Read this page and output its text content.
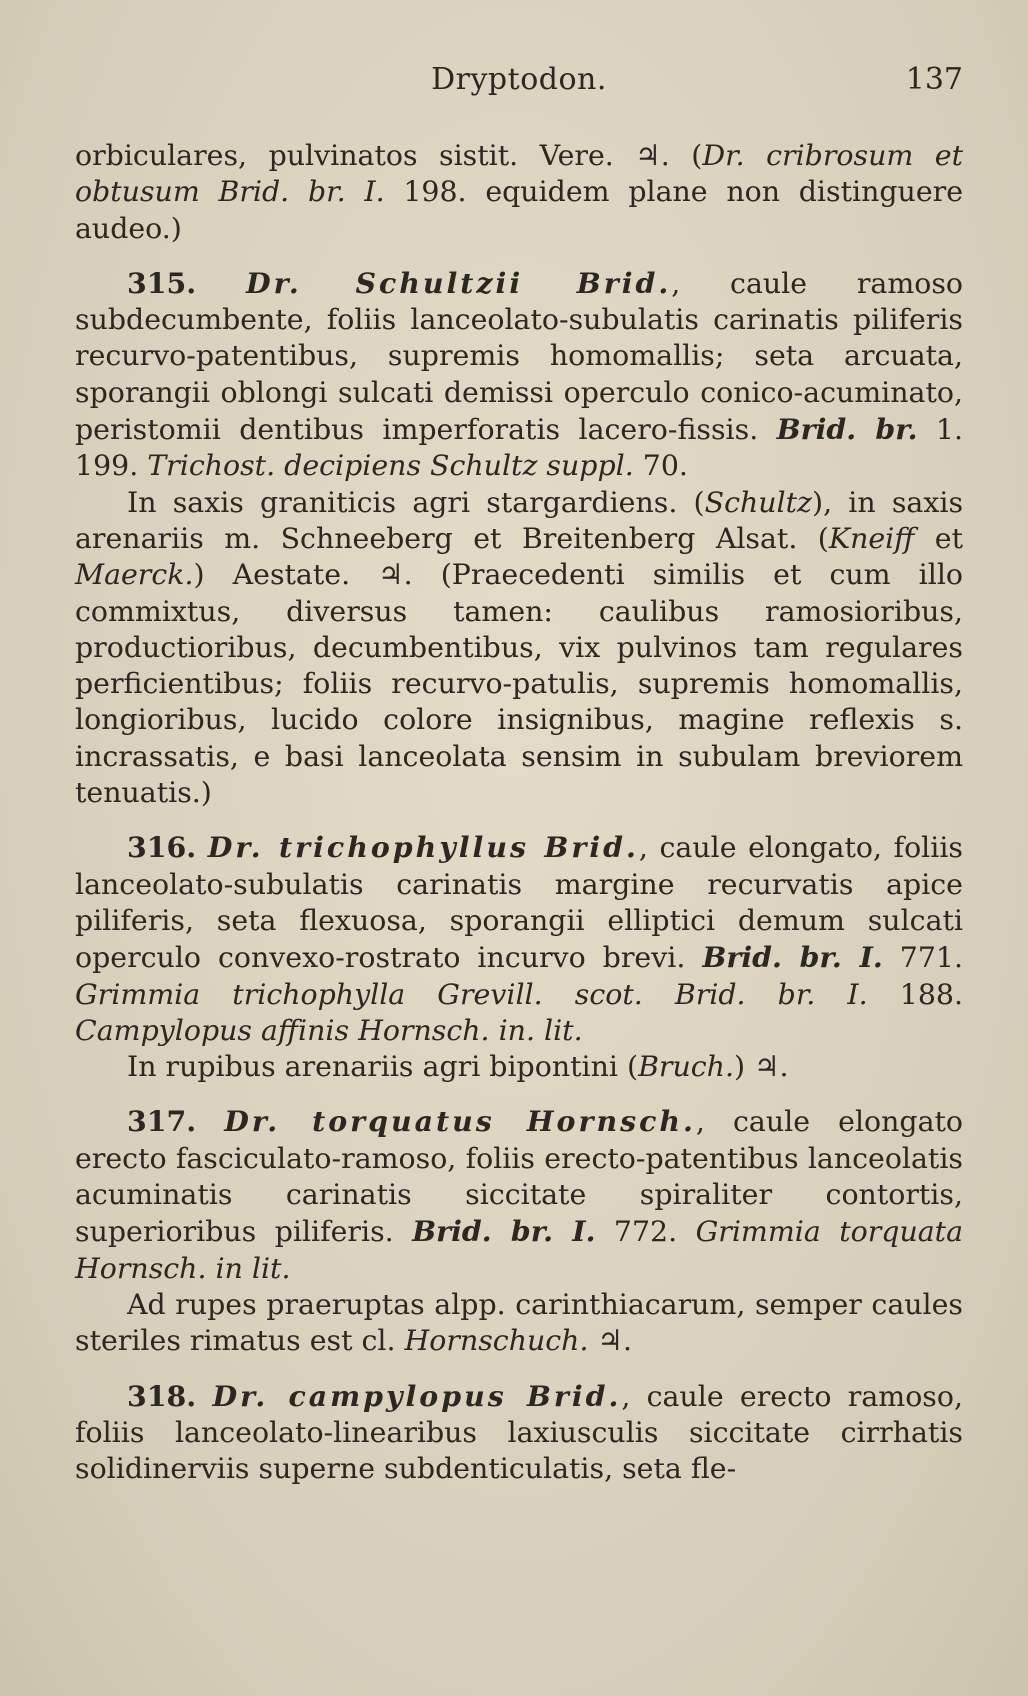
Dryptodon.	137

orbiculares, pulvinatos sistit. Vere. ♃. (Dr. cribrosum et obtusum Brid. br. I. 198. equidem plane non distinguere audeo.)

315. Dr. Schultzii Brid., caule ramoso subdecumbente, foliis lanceolato-subulatis carinatis piliferis recurvo-patentibus, supremis homomallis; seta arcuata, sporangii oblongi sulcati demissi operculo conico-acuminato, peristomii dentibus imperforatis lacero-fissis. Brid. br. 1. 199. Trichost. decipiens Schultz suppl. 70.

In saxis graniticis agri stargardiens. (Schultz), in saxis arenariis m. Schneeberg et Breitenberg Alsat. (Kneiff et Maerck.) Aestate. ♃. (Praecedenti similis et cum illo commixtus, diversus tamen: caulibus ramosioribus, productioribus, decumbentibus, vix pulvinos tam regulares perficientibus; foliis recurvo-patulis, supremis homomallis, longioribus, lucido colore insignibus, magine reflexis s. incrassatis, e basi lanceolata sensim in subulam breviorem tenuatis.)

316. Dr. trichophyllus Brid., caule elongato, foliis lanceolato-subulatis carinatis margine recurvatis apice piliferis, seta flexuosa, sporangii elliptici demum sulcati operculo convexo-rostrato incurvo brevi. Brid. br. I. 771. Grimmia trichophylla Grevill. scot. Brid. br. I. 188. Campylopus affinis Hornsch. in. lit.

In rupibus arenariis agri bipontini (Bruch.) ♃.

317. Dr. torquatus Hornsch., caule elongato erecto fasciculato-ramoso, foliis erecto-patentibus lanceolatis acuminatis carinatis siccitate spiraliter contortis, superioribus piliferis. Brid. br. I. 772. Grimmia torquata Hornsch. in lit.

Ad rupes praeruptas alpp. carinthiacarum, semper caules steriles rimatus est cl. Hornschuch. ♃.

318. Dr. campylopus Brid., caule erecto ramoso, foliis lanceolato-linearibus laxiusculis siccitate cirrhatis solidinerviis superne subdenticulatis, seta fle-
